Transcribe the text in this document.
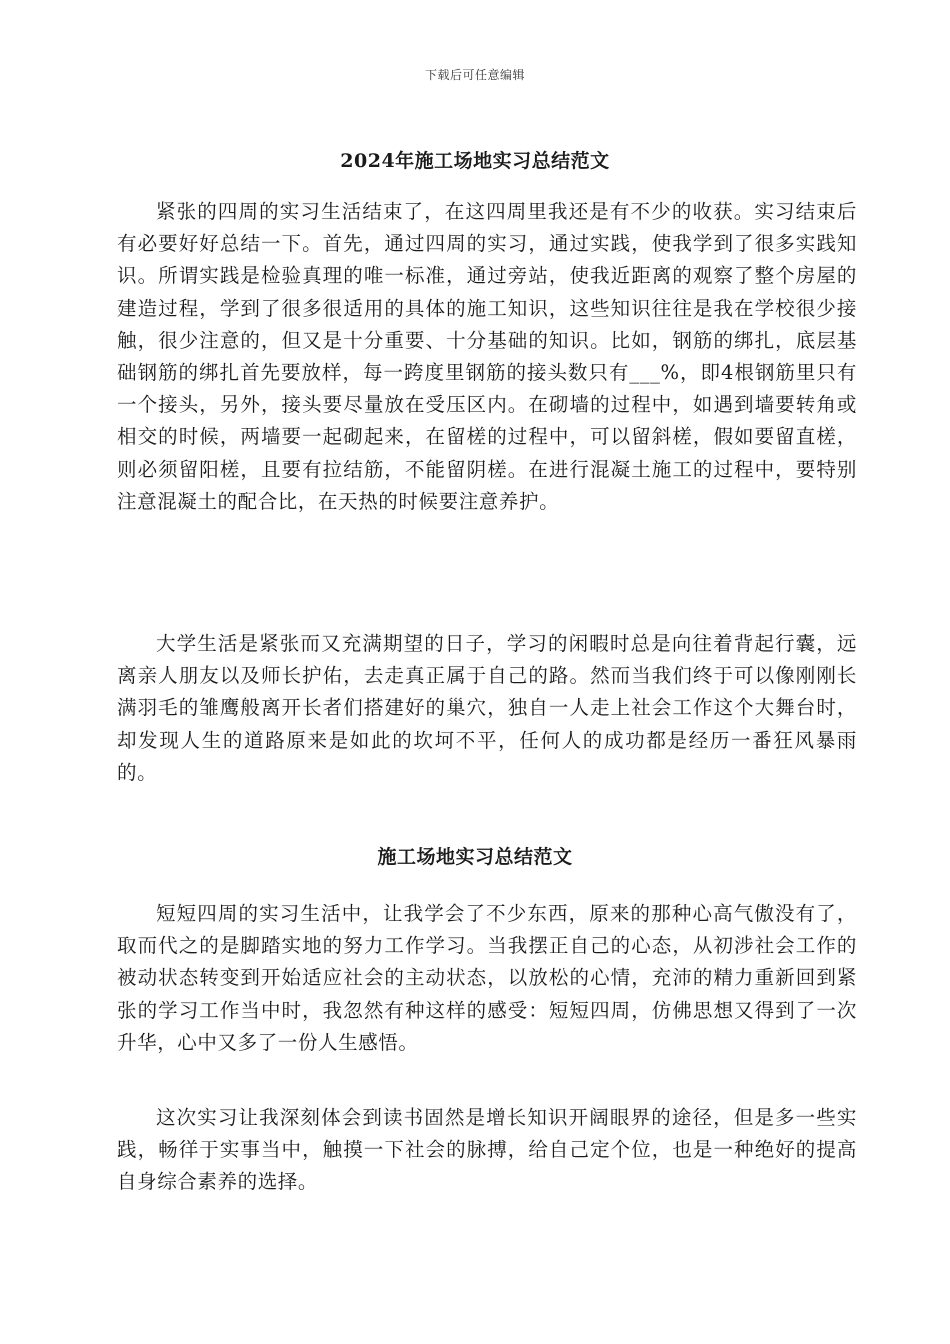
下载后可任意编辑
2024年施工场地实习总结范文

紧张的四周的实习生活结束了，在这四周里我还是有不少的收获。实习结束后有必要好好总结一下。首先，通过四周的实习，通过实践，使我学到了很多实践知识。所谓实践是检验真理的唯一标准，通过旁站，使我近距离的观察了整个房屋的建造过程，学到了很多很适用的具体的施工知识，这些知识往往是我在学校很少接触，很少注意的，但又是十分重要、十分基础的知识。比如，钢筋的绑扎，底层基础钢筋的绑扎首先要放样，每一跨度里钢筋的接头数只有___%，即4根钢筋里只有一个接头，另外，接头要尽量放在受压区内。在砌墙的过程中，如遇到墙要转角或相交的时候，两墙要一起砌起来，在留槎的过程中，可以留斜槎，假如要留直槎，则必须留阳槎，且要有拉结筋，不能留阴槎。在进行混凝土施工的过程中，要特别注意混凝土的配合比，在天热的时候要注意养护。

大学生活是紧张而又充满期望的日子，学习的闲暇时总是向往着背起行囊，远离亲人朋友以及师长护佑，去走真正属于自己的路。然而当我们终于可以像刚刚长满羽毛的雏鹰般离开长者们搭建好的巢穴，独自一人走上社会工作这个大舞台时，却发现人生的道路原来是如此的坎坷不平，任何人的成功都是经历一番狂风暴雨的。

施工场地实习总结范文

短短四周的实习生活中，让我学会了不少东西，原来的那种心高气傲没有了，取而代之的是脚踏实地的努力工作学习。当我摆正自己的心态，从初涉社会工作的被动状态转变到开始适应社会的主动状态，以放松的心情，充沛的精力重新回到紧张的学习工作当中时，我忽然有种这样的感受：短短四周，仿佛思想又得到了一次升华，心中又多了一份人生感悟。

这次实习让我深刻体会到读书固然是增长知识开阔眼界的途径，但是多一些实践，畅徉于实事当中，触摸一下社会的脉搏，给自己定个位，也是一种绝好的提高自身综合素养的选择。
